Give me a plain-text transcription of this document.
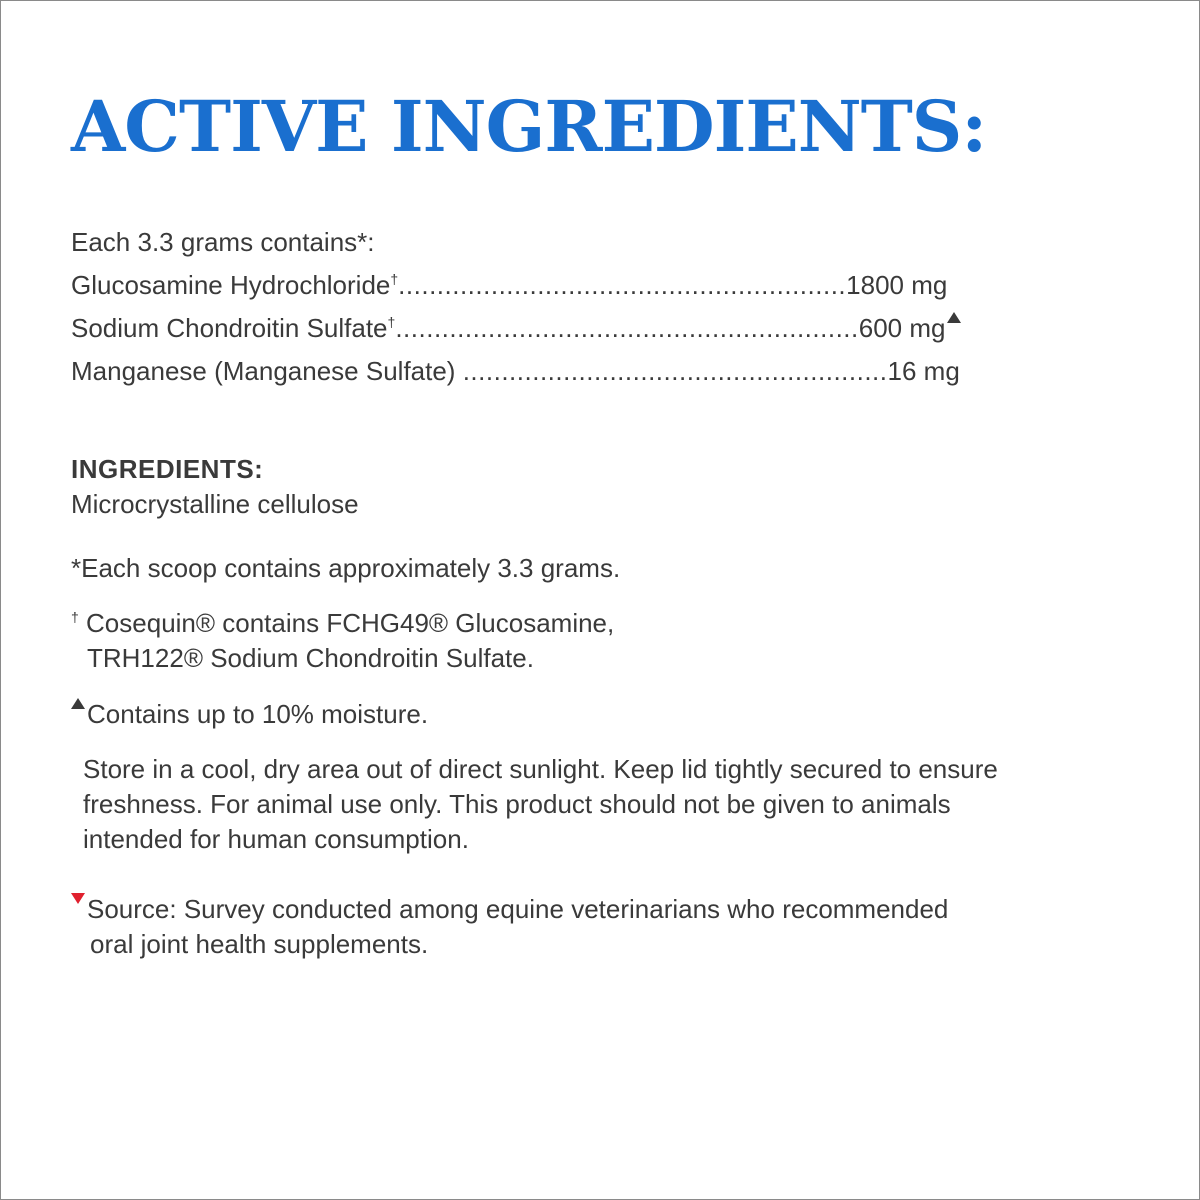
ACTIVE INGREDIENTS:
Each 3.3 grams contains*:
Glucosamine Hydrochloride†..........................................................1800 mg
Sodium Chondroitin Sulfate†............................................................600 mg
Manganese (Manganese Sulfate) .......................................................16 mg
INGREDIENTS:
Microcrystalline cellulose
*Each scoop contains approximately 3.3 grams.
† Cosequin® contains FCHG49® Glucosamine,
TRH122® Sodium Chondroitin Sulfate.
Contains up to 10% moisture.
Store in a cool, dry area out of direct sunlight. Keep lid tightly secured to ensure
freshness. For animal use only. This product should not be given to animals
intended for human consumption.
Source: Survey conducted among equine veterinarians who recommended
oral joint health supplements.
